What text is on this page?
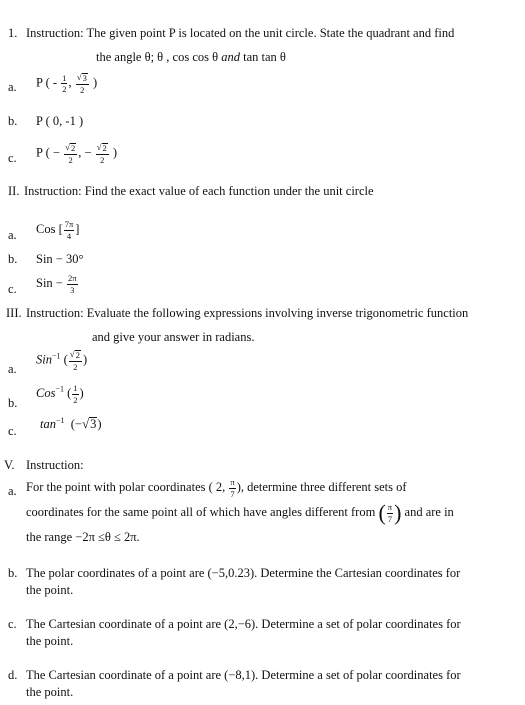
1. Instruction: The given point P is located on the unit circle. State the quadrant and find
the angle θ; θ , cos cos θ and tan tan θ
a. P ( - $\frac{1}{2}$ , $\frac{√ 3}{2}$ )
b. P ( 0, -1 )
c. P ( − $\frac{√ 2}{2}$ , − $\frac{√ 2}{2}$ )
II. Instruction: Find the exact value of each function under the unit circle
a. Cos [ $\frac{7\pi}{4}$ ]
b. Sin − 30°
c. Sin − $\frac{2\pi}{3}$
III. Instruction: Evaluate the following expressions involving inverse trigonometric function
and give your answer in radians.
a.
Sin$^{-1}$ ( $\frac{√ 2}{2}$ )
b.
Cos$^{-1}$ ( $\frac{1}{2}$ )
c. $\tan^{-1}$ (− √ 3 )
V. Instruction:
a. For the point with polar coordinates ( 2, $\frac{\pi}{7}$ ), determine three different sets of
coordinates for the same point all of which have angles different from ( $\frac{\pi}{7}$ ) and are in
the range −2π ≤θ ≤ 2π.
b. The polar coordinates of a point are (−5,0.23). Determine the Cartesian coordinates for
the point.
c. The Cartesian coordinate of a point are (2,−6). Determine a set of polar coordinates for
the point.
d. The Cartesian coordinate of a point are (−8,1). Determine a set of polar coordinates for
the point.
